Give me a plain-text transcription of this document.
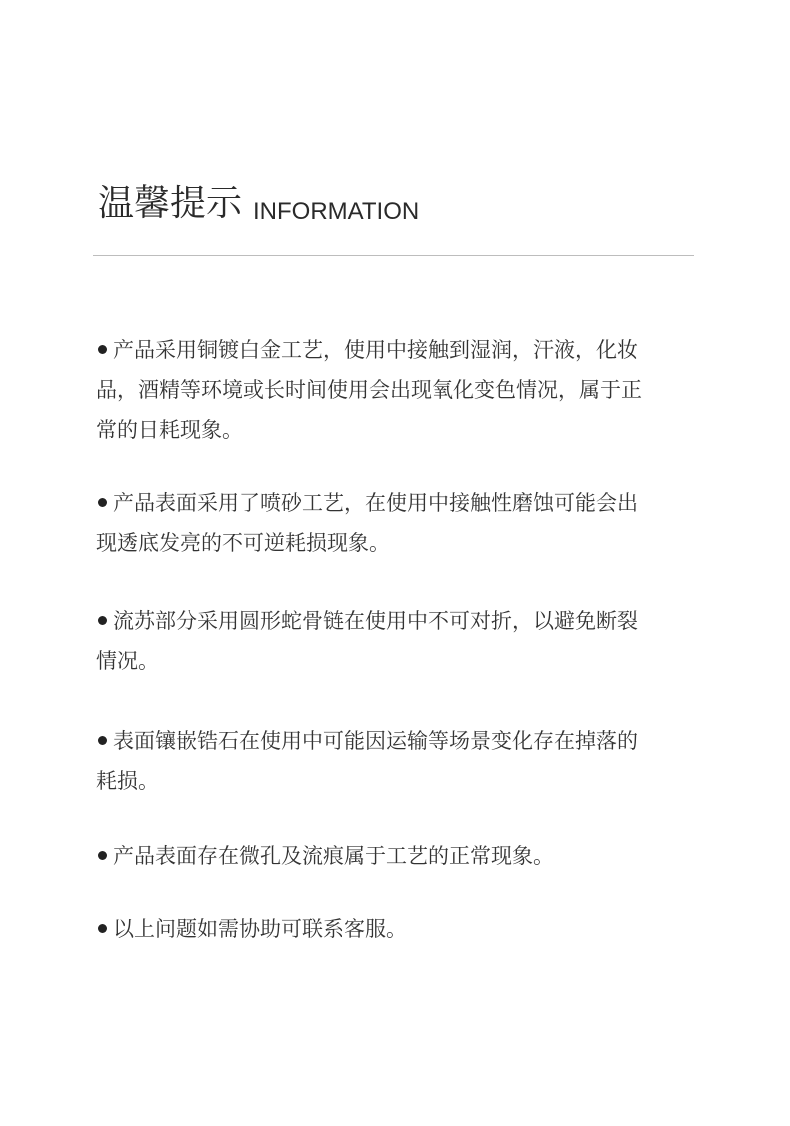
温馨提示 INFORMATION
产品采用铜镀白金工艺，使用中接触到湿润，汗液，化妆
品，酒精等环境或长时间使用会出现氧化变色情况，属于正
常的日耗现象。
产品表面采用了喷砂工艺，在使用中接触性磨蚀可能会出
现透底发亮的不可逆耗损现象。
流苏部分采用圆形蛇骨链在使用中不可对折，以避免断裂
情况。
表面镶嵌锆石在使用中可能因运输等场景变化存在掉落的
耗损。
产品表面存在微孔及流痕属于工艺的正常现象。
以上问题如需协助可联系客服。
